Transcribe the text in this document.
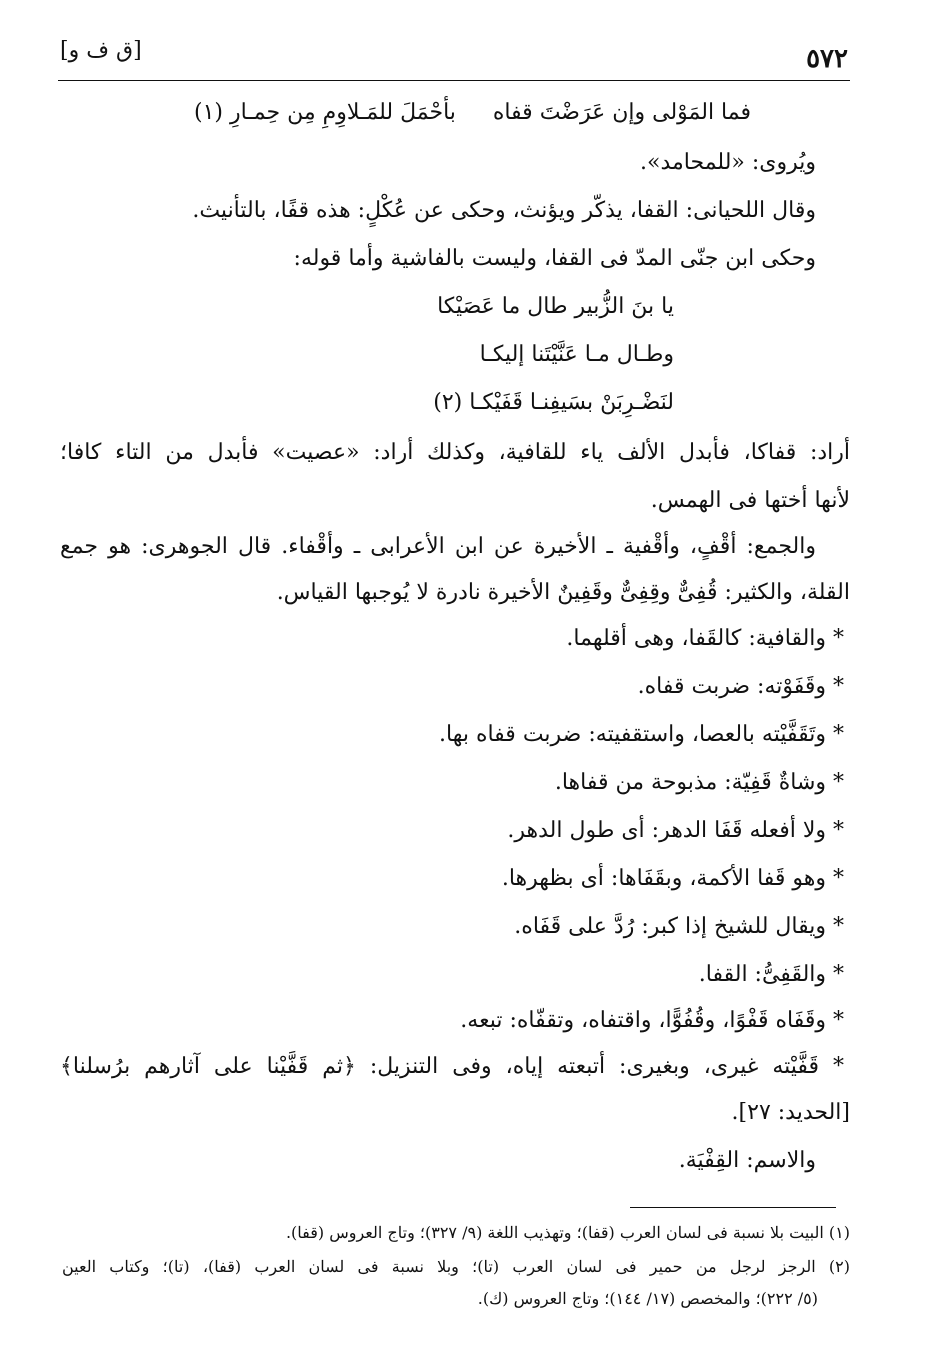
[ق ف و]	٥٧٢
فما المَوْلى وإن عَرَضْتَ قفاه
بأحْمَلَ للمَـلاوِمِ مِن حِمـارِ (١)
ويُروى: «للمحامد».
وقال اللحيانى: القفا، يذكّر ويؤنث، وحكى عن عُكْلٍ: هذه قفًا، بالتأنيث.
وحكى ابن جنّى المدّ فى القفا، وليست بالفاشية وأما قوله:
يا بنَ الزُّبير طال ما عَصَيْكا
وطـال مـا عَنَّيْتَنا إليكـا
لنَضْـرِبَنْ بسَيفِنـا قَفَيْكـا (٢)
أراد: قفاكا، فأبدل الألف ياء للقافية، وكذلك أراد: «عصيت» فأبدل من التاء كافا؛
لأنها أختها فى الهمس.
والجمع: أقْفٍ، وأقْفية ـ الأخيرة عن ابن الأعرابى ـ وأقْفاء. قال الجوهرى: هو جمع
القلة، والكثير: قُفِىٌّ وقِفِىٌّ وقَفِينٌ الأخيرة نادرة لا يُوجبها القياس.
* والقافية: كالقَفا، وهى أقلهما.
* وقَفَوْته: ضربت قفاه.
* وتَقَفَّيْته بالعصا، واستقفيته: ضربت قفاه بها.
* وشاةٌ قَفِيّة: مذبوحة من قفاها.
* ولا أفعله قَفَا الدهر: أى طول الدهر.
* وهو قَفا الأكمة، وبقَفَاها: أى بظهرها.
* ويقال للشيخ إذا كبر: رُدَّ على قَفَاه.
* والقَفِىُّ: القفا.
* وقَفَاه قَفْوًا، وقُفُوًّا، واقتفاه، وتقفّاه: تبعه.
* قَفَّيْته غيرى، وبغيرى: أتبعته إياه، وفى التنزيل: ﴿ثم قَفَّيْنا على آثارهم برُسلنا﴾
[الحديد: ٢٧].
والاسم: القِفْيَة.
(١) البيت بلا نسبة فى لسان العرب (قفا)؛ وتهذيب اللغة (٩/ ٣٢٧)؛ وتاج العروس (قفا).
(٢) الرجز لرجل من حمير فى لسان العرب (تا)؛ وبلا نسبة فى لسان العرب (قفا)، (تا)؛ وكتاب العين
(٥/ ٢٢٢)؛ والمخصص (١٧/ ١٤٤)؛ وتاج العروس (ك).
